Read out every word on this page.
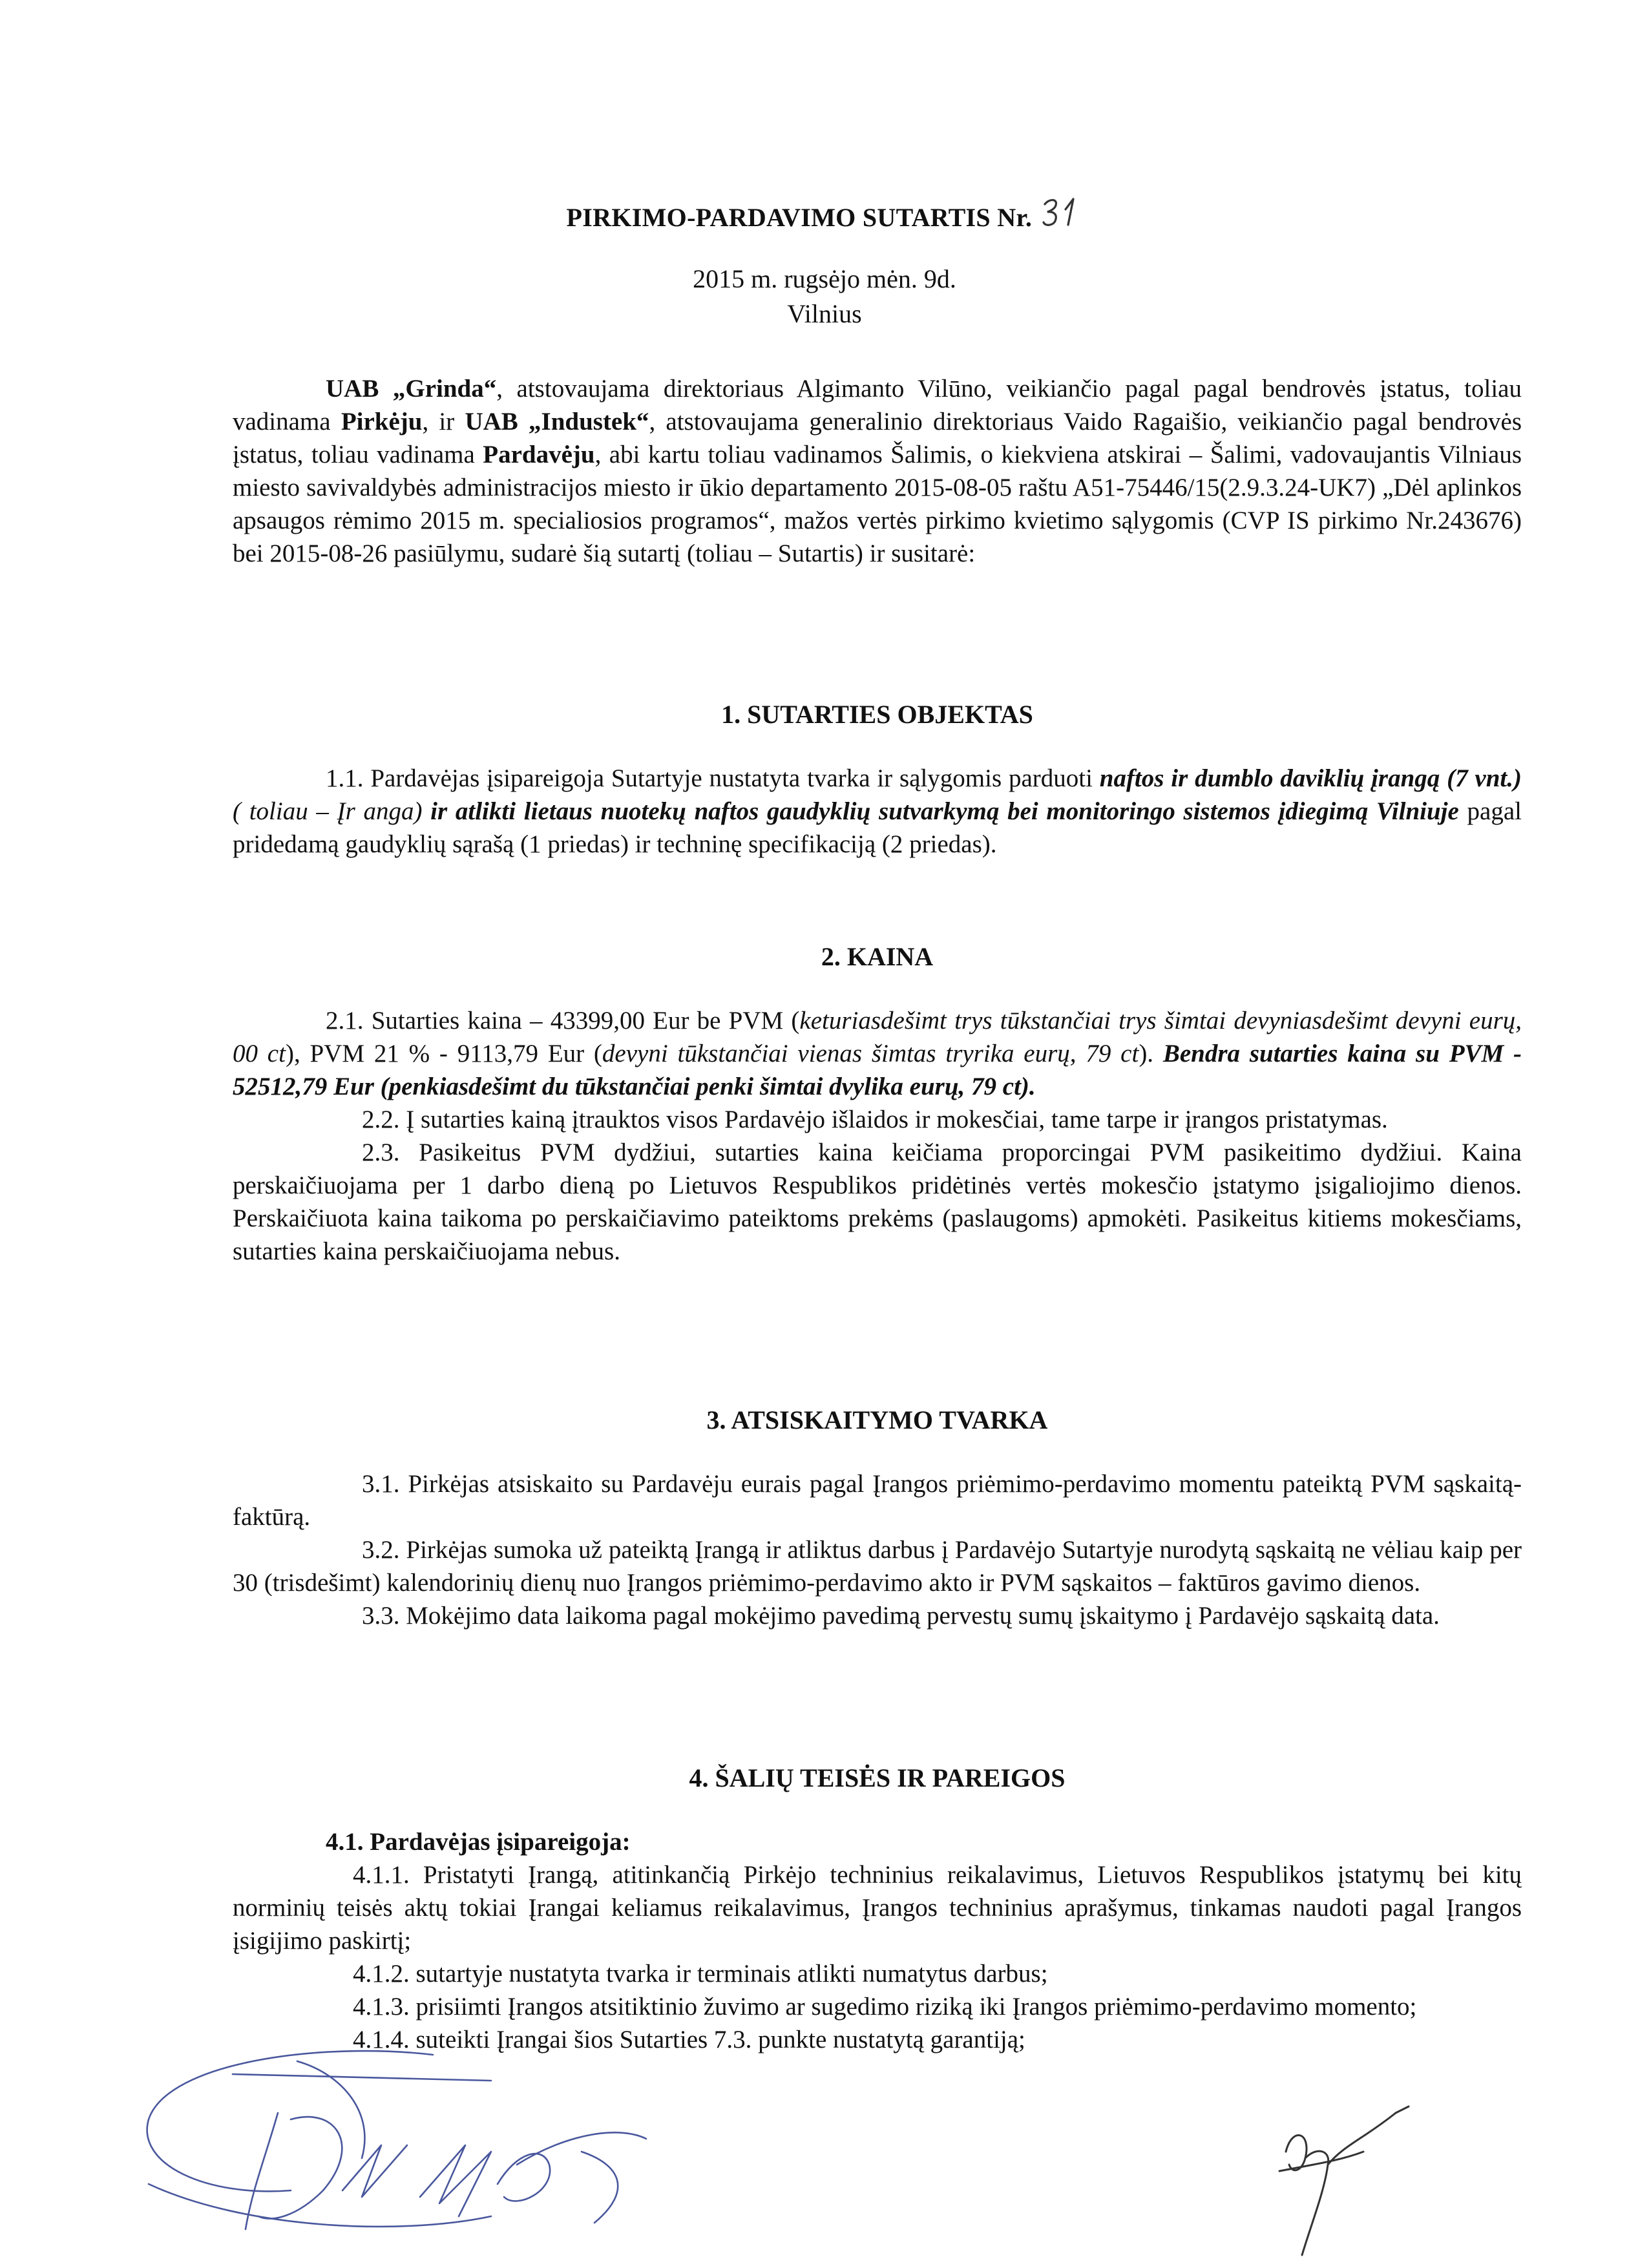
PIRKIMO-PARDAVIMO SUTARTIS Nr.
2015 m. rugsėjo mėn. 9d.
Vilnius

UAB „Grinda“, atstovaujama direktoriaus Algimanto Vilūno, veikiančio pagal pagal bendrovės įstatus, toliau vadinama Pirkėju, ir UAB „Industek“, atstovaujama generalinio direktoriaus Vaido Ragaišio, veikiančio pagal bendrovės įstatus, toliau vadinama Pardavėju, abi kartu toliau vadinamos Šalimis, o kiekviena atskirai – Šalimi, vadovaujantis Vilniaus miesto savivaldybės administracijos miesto ir ūkio departamento 2015-08-05 raštu A51-75446/15(2.9.3.24-UK7) „Dėl aplinkos apsaugos rėmimo 2015 m. specialiosios programos“, mažos vertės pirkimo kvietimo sąlygomis (CVP IS pirkimo Nr.243676) bei 2015-08-26 pasiūlymu, sudarė šią sutartį (toliau – Sutartis) ir susitarė:

1. SUTARTIES OBJEKTAS

1.1. Pardavėjas įsipareigoja Sutartyje nustatyta tvarka ir sąlygomis parduoti naftos ir dumblo daviklių įrangą (7 vnt.) ( toliau – Įr anga) ir atlikti lietaus nuotekų naftos gaudyklių sutvarkymą bei monitoringo sistemos įdiegimą Vilniuje pagal pridedamą gaudyklių sąrašą (1 priedas) ir techninę specifikaciją (2 priedas).

2. KAINA

2.1. Sutarties kaina – 43399,00 Eur be PVM (keturiasdešimt trys tūkstančiai trys šimtai devyniasdešimt devyni eurų, 00 ct), PVM 21 % - 9113,79 Eur (devyni tūkstančiai vienas šimtas tryrika eurų, 79 ct). Bendra sutarties kaina su PVM - 52512,79 Eur (penkiasdešimt du tūkstančiai penki šimtai dvylika eurų, 79 ct).

2.2. Į sutarties kainą įtrauktos visos Pardavėjo išlaidos ir mokesčiai, tame tarpe ir įrangos pristatymas.

2.3. Pasikeitus PVM dydžiui, sutarties kaina keičiama proporcingai PVM pasikeitimo dydžiui. Kaina perskaičiuojama per 1 darbo dieną po Lietuvos Respublikos pridėtinės vertės mokesčio įstatymo įsigaliojimo dienos. Perskaičiuota kaina taikoma po perskaičiavimo pateiktoms prekėms (paslaugoms) apmokėti. Pasikeitus kitiems mokesčiams, sutarties kaina perskaičiuojama nebus.

3. ATSISKAITYMO TVARKA

3.1. Pirkėjas atsiskaito su Pardavėju eurais pagal Įrangos priėmimo-perdavimo momentu pateiktą PVM sąskaitą-faktūrą.

3.2. Pirkėjas sumoka už pateiktą Įrangą ir atliktus darbus į Pardavėjo Sutartyje nurodytą sąskaitą ne vėliau kaip per 30 (trisdešimt) kalendorinių dienų nuo Įrangos priėmimo-perdavimo akto ir PVM sąskaitos – faktūros gavimo dienos.

3.3. Mokėjimo data laikoma pagal mokėjimo pavedimą pervestų sumų įskaitymo į Pardavėjo sąskaitą data.

4. ŠALIŲ TEISĖS IR PAREIGOS

4.1. Pardavėjas įsipareigoja:

4.1.1. Pristatyti Įrangą, atitinkančią Pirkėjo techninius reikalavimus, Lietuvos Respublikos įstatymų bei kitų norminių teisės aktų tokiai Įrangai keliamus reikalavimus, Įrangos techninius aprašymus, tinkamas naudoti pagal Įrangos įsigijimo paskirtį;

4.1.2. sutartyje nustatyta tvarka ir terminais atlikti numatytus darbus;

4.1.3. prisiimti Įrangos atsitiktinio žuvimo ar sugedimo riziką iki Įrangos priėmimo-perdavimo momento;

4.1.4. suteikti Įrangai šios Sutarties 7.3. punkte nustatytą garantiją;
